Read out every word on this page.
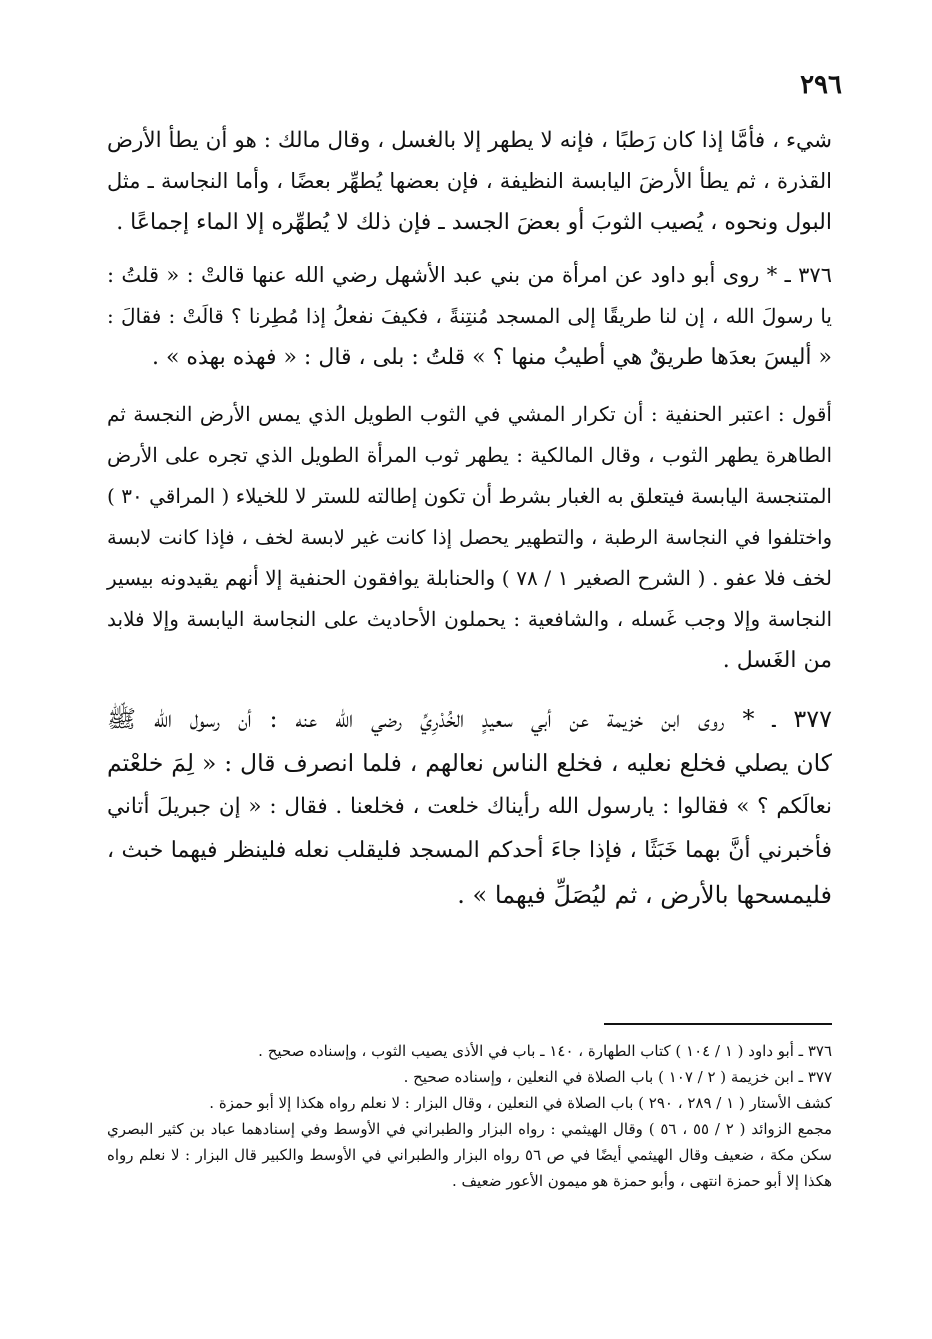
٢٩٦
شيء ، فأمَّا إذا كان رَطبًا ، فإنه لا يطهر إلا بالغسل ، وقال مالك : هو أن يطأ الأرض
القذرة ، ثم يطأ الأرضَ اليابسة النظيفة ، فإن بعضها يُطهِّر بعضًا ، وأما النجاسة ـ مثل
البول ونحوه ، يُصيب الثوبَ أو بعضَ الجسد ـ فإن ذلك لا يُطهِّره إلا الماء إجماعًا .
٣٧٦ ـ * روى أبو داود عن امرأة من بني عبد الأشهل رضي الله عنها قالتْ : « قلتُ :
يا رسولَ الله ، إن لنا طريقًا إلى المسجد مُنتِنةً ، فكيفَ نفعلُ إذا مُطِرنا ؟ قالَتْ : فقالَ :
« أليسَ بعدَها طريقٌ هي أطيبُ منها ؟ » قلتُ : بلى ، قال : « فهذه بهذه » .
أقول : اعتبر الحنفية : أن تكرار المشي في الثوب الطويل الذي يمس الأرض النجسة ثم
الطاهرة يطهر الثوب ، وقال المالكية : يطهر ثوب المرأة الطويل الذي تجره على الأرض
المتنجسة اليابسة فيتعلق به الغبار بشرط أن تكون إطالته للستر لا للخيلاء ( المراقي ٣٠ )
واختلفوا في النجاسة الرطبة ، والتطهير يحصل إذا كانت غير لابسة لخف ، فإذا كانت لابسة
لخف فلا عفو . ( الشرح الصغير ١ / ٧٨ ) والحنابلة يوافقون الحنفية إلا أنهم يقيدونه بيسير
النجاسة وإلا وجب غَسله ، والشافعية : يحملون الأحاديث على النجاسة اليابسة وإلا فلابد
من الغَسل .
٣٧٧ ـ * روى ابن خزيمة عن أبي سعيدٍ الخُدْرِيِّ رضي الله عنه : أن رسول الله ﷺ
كان يصلي فخلع نعليه ، فخلع الناس نعالهم ، فلما انصرف قال : « لِمَ خلعْتم
نعالَكم ؟ » فقالوا : يارسول الله رأيناك خلعت ، فخلعنا . فقال : « إن جبريلَ أتاني
فأخبرني أنَّ بهما خَبَثًا ، فإذا جاءَ أحدكم المسجد فليقلب نعله فلينظر فيهما خبث ،
فليمسحها بالأرض ، ثم ليُصَلِّ فيهما » .
٣٧٦ ـ أبو داود ( ١ / ١٠٤ ) كتاب الطهارة ، ١٤٠ ـ باب في الأذى يصيب الثوب ، وإسناده صحيح .
٣٧٧ ـ ابن خزيمة ( ٢ / ١٠٧ ) باب الصلاة في النعلين ، وإسناده صحيح .
كشف الأستار ( ١ / ٢٨٩ ، ٢٩٠ ) باب الصلاة في النعلين ، وقال البزار : لا نعلم رواه هكذا إلا أبو حمزة .
مجمع الزوائد ( ٢ / ٥٥ ، ٥٦ ) وقال الهيثمي : رواه البزار والطبراني في الأوسط وفي إسنادهما عباد بن كثير البصري
سكن مكة ، ضعيف وقال الهيثمي أيضًا في ص ٥٦ رواه البزار والطبراني في الأوسط والكبير قال البزار : لا نعلم رواه
هكذا إلا أبو حمزة انتهى ، وأبو حمزة هو ميمون الأعور ضعيف .
